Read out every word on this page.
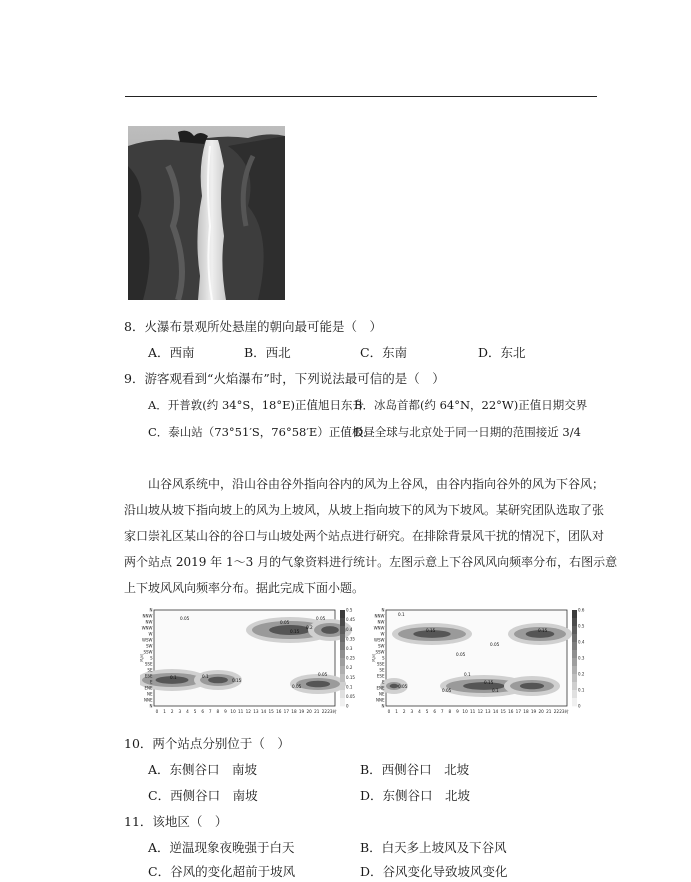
8．火瀑布景观所处悬崖的朝向最可能是（　）
A．西南	B．西北	C．东南	D．东北
9．游客观看到“火焰瀑布”时，下列说法最可信的是（　）
A．开普敦(约 34°S，18°E)正值旭日东升
B．冰岛首都(约 64°N，22°W)正值日期交界
C．泰山站（73°51′S，76°58′E）正值极昼
D．全球与北京处于同一日期的范围接近 3/4
山谷风系统中，沿山谷由谷外指向谷内的风为上谷风，由谷内指向谷外的风为下谷风；
沿山坡从坡下指向坡上的风为上坡风，从坡上指向坡下的风为下坡风。某研究团队选取了张
家口崇礼区某山谷的谷口与山坡处两个站点进行研究。在排除背景风干扰的情况下，团队对
两个站点 2019 年 1～3 月的气象资料进行统计。左图示意上下谷风风向频率分布，右图示意
上下坡风风向频率分布。据此完成下面小题。
N
NNW
NW
WNW
W
WSW
SW
SSW
S
SSE
SE
ESE
E
ENE
NE
NNE
N
风向
0 1 2 3 4 5 6 7 8 9 10 11 12 13 14 15 16 17 18 19 20 21 22 23时
0.5
0.45
0.4
0.35
0.3
0.25
0.2
0.15
0.1
0.05
0
0.05	0.05
0.1
0.15
0.05
0.1
0.2
0.15
0.05
0.05
N
NNW
NW
WNW
W
WSW
SW
SSW
S
SSE
SE
ESE
E
ENE
NE
NNE
N
风向
0 1 2 3 4 5 6 7 8 9 10 11 12 13 14 15 16 17 18 19 20 21 22 23时
0.6
0.5
0.4
0.3
0.2
0.1
0
0.1
0.15
0.05
0.05
0.15
0.05
0.05	0.1
0.15
0.1
10．两个站点分别位于（　）
A．东侧谷口　南坡	B．西侧谷口　北坡
C．西侧谷口　南坡	D．东侧谷口　北坡
11．该地区（　）
A．逆温现象夜晚强于白天	B．白天多上坡风及下谷风
C．谷风的变化超前于坡风	D．谷风变化导致坡风变化
